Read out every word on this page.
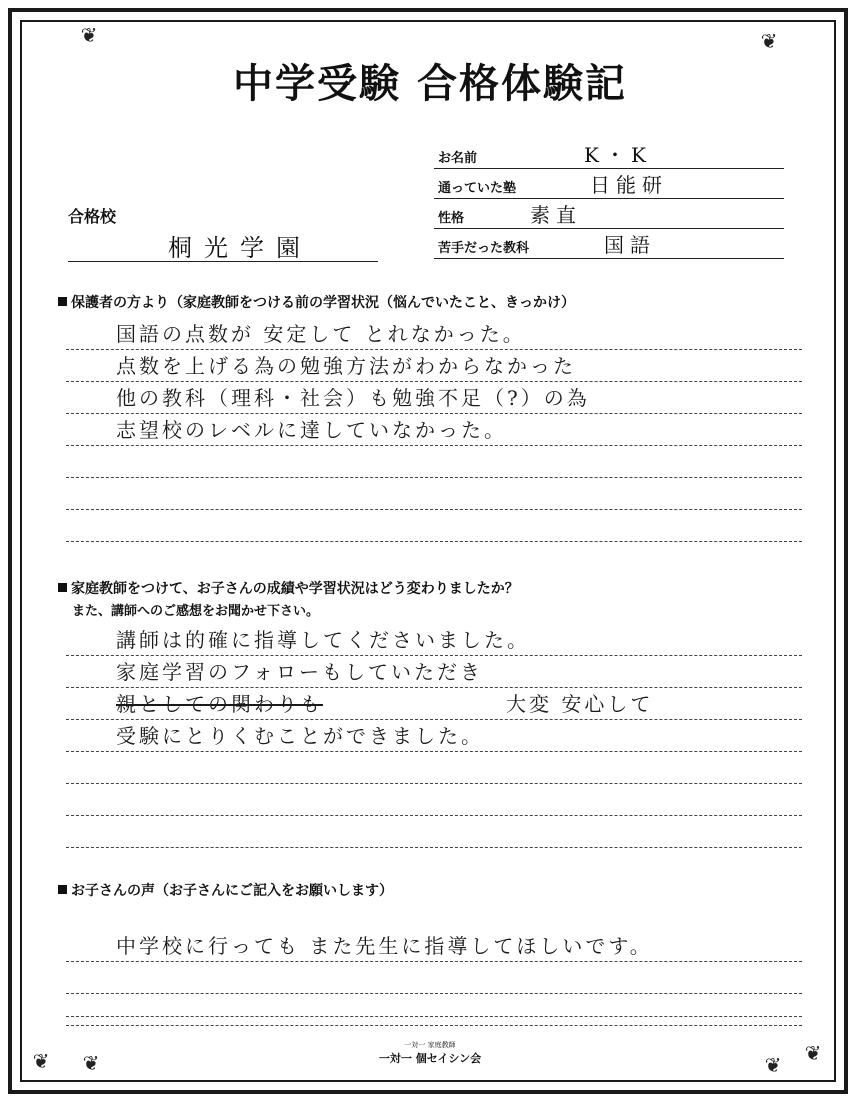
❦	❦
❦ ❦	❦ ❦
中学受験 合格体験記
お名前	K・K
通っていた塾	日能研
性格	素直
苦手だった教科	国語
合格校
桐光学園
保護者の方より（家庭教師をつける前の学習状況（悩んでいたこと、きっかけ）
国語の点数が 安定して とれなかった。
点数を上げる為の勉強方法がわからなかった
他の教科（理科・社会）も勉強不足（?）の為
志望校のレベルに達していなかった。
家庭教師をつけて、お子さんの成績や学習状況はどう変わりましたか？
また、講師へのご感想をお聞かせ下さい。
講師は的確に指導してくださいました。
家庭学習のフォローもしていただき
親としての関わりも	大変 安心して
受験にとりくむことができました。
お子さんの声（お子さんにご記入をお願いします）
中学校に行っても また先生に指導してほしいです。
一対一 家庭教師
一対一 個セイシン会
